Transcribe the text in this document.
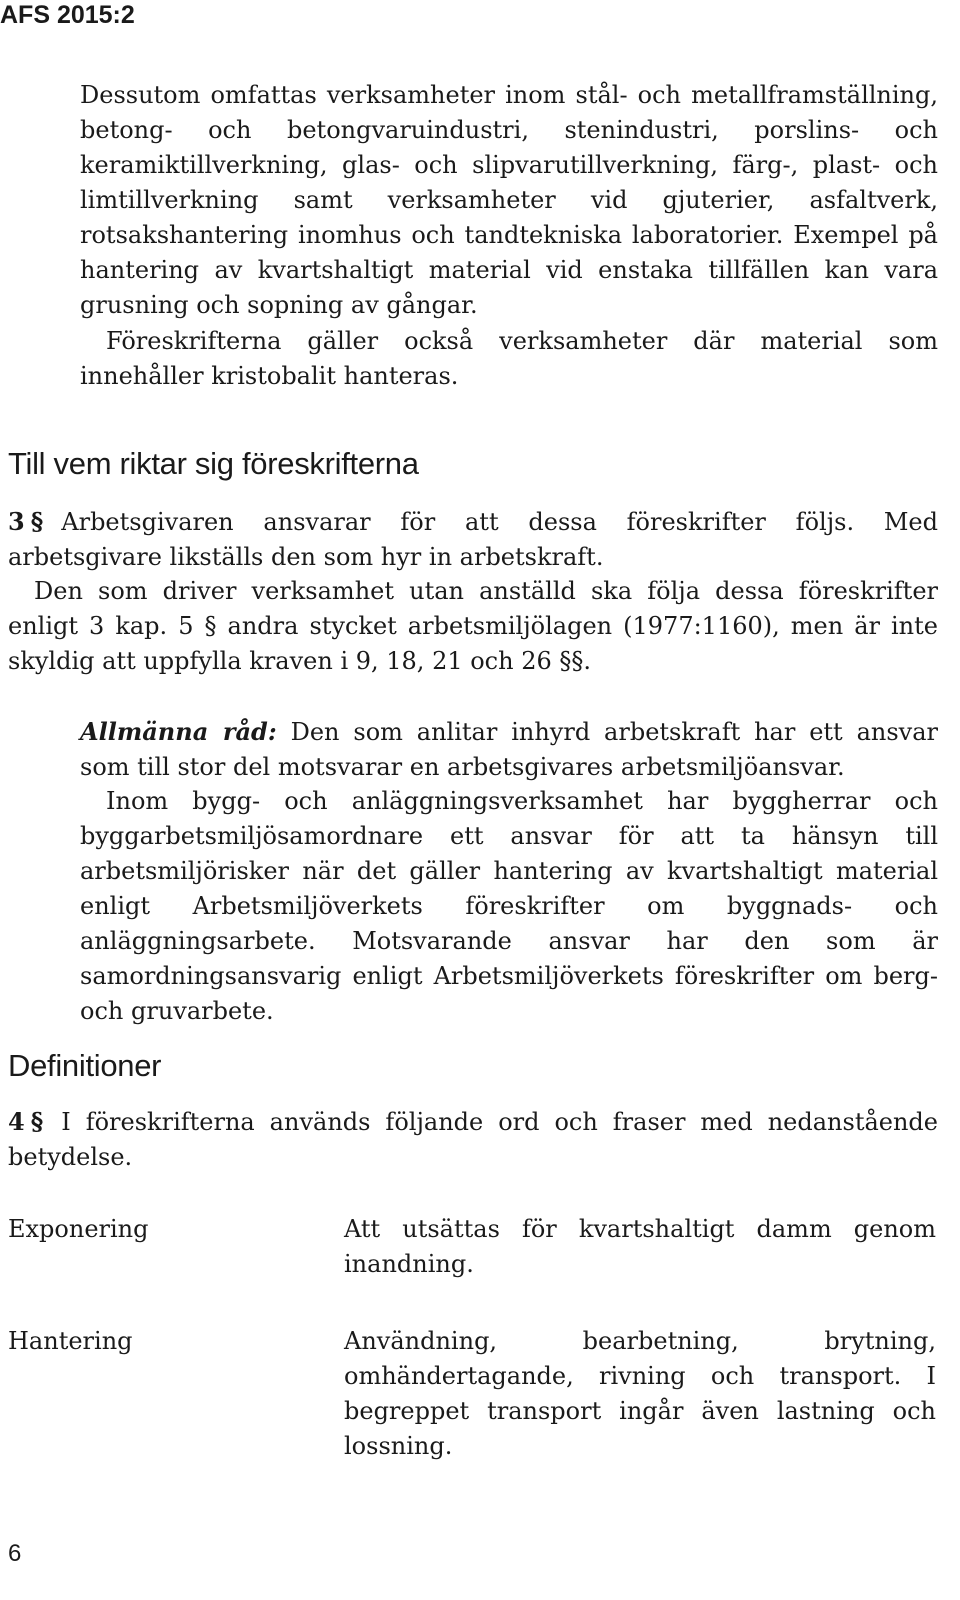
AFS 2015:2

Dessutom omfattas verksamheter inom stål- och metallframställning, betong- och betongvaruindustri, stenindustri, porslins- och keramiktillverkning, glas- och slipvarutillverkning, färg-, plast- och limtillverkning samt verksamheter vid gjuterier, asfaltverk, rotsakshantering inomhus och tandtekniska laboratorier. Exempel på hantering av kvartshaltigt material vid enstaka tillfällen kan vara grusning och sopning av gångar.

Föreskrifterna gäller också verksamheter där material som innehåller kristobalit hanteras.

Till vem riktar sig föreskrifterna

3 § Arbetsgivaren ansvarar för att dessa föreskrifter följs. Med arbetsgivare likställs den som hyr in arbetskraft.

Den som driver verksamhet utan anställd ska följa dessa föreskrifter enligt 3 kap. 5 § andra stycket arbetsmiljölagen (1977:1160), men är inte skyldig att uppfylla kraven i 9, 18, 21 och 26 §§.

Allmänna råd: Den som anlitar inhyrd arbetskraft har ett ansvar som till stor del motsvarar en arbetsgivares arbetsmiljöansvar.

Inom bygg- och anläggningsverksamhet har byggherrar och byggarbetsmiljösamordnare ett ansvar för att ta hänsyn till arbetsmiljörisker när det gäller hantering av kvartshaltigt material enligt Arbetsmiljöverkets föreskrifter om byggnads- och anläggningsarbete. Motsvarande ansvar har den som är samordningsansvarig enligt Arbetsmiljöverkets föreskrifter om berg- och gruvarbete.

Definitioner

4 § I föreskrifterna används följande ord och fraser med nedanstående betydelse.

Exponering	Att utsättas för kvartshaltigt damm genom inandning.

Hantering	Användning, bearbetning, brytning, omhändertagande, rivning och transport. I begreppet transport ingår även lastning och lossning.

6
